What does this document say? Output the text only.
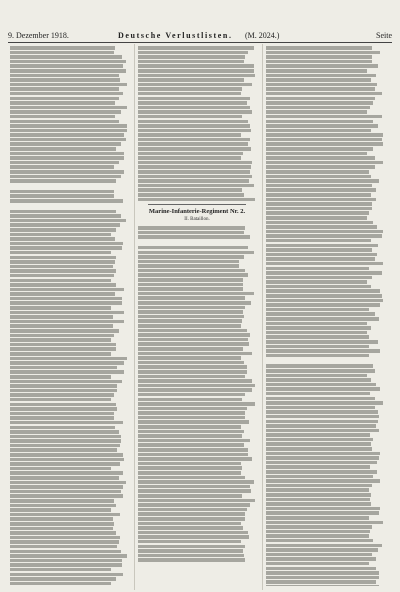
9. Dezember 1918.	Deutsche Verlustlisten. (M. 2024.)	Seite
Marine-Infanterie-Regiment Nr. 2.
II. Bataillon.
